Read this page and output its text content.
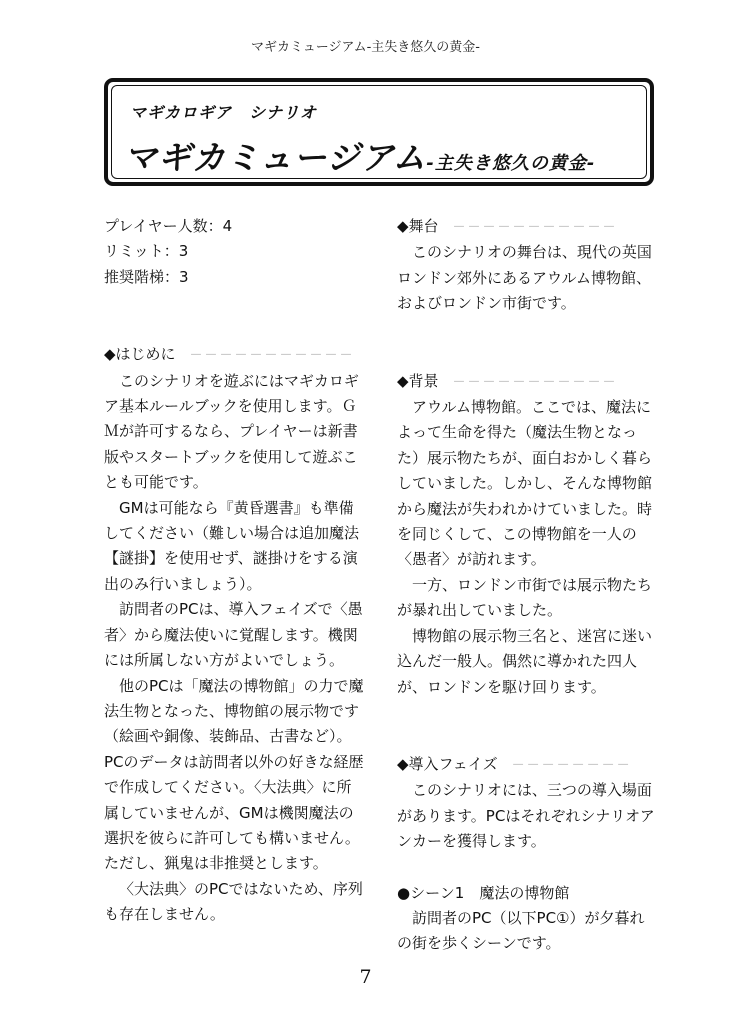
マギカミュージアム-主失き悠久の黄金-
マギカロギア　シナリオ
マギカミュージアム-主失き悠久の黄金-
プレイヤー人数：4
リミット：3
推奨階梯：3
◆はじめに －－－－－－－－－－－

このシナリオを遊ぶにはマギカロギア基本ルールブックを使用します。ＧＭが許可するなら、プレイヤーは新書版やスタートブックを使用して遊ぶことも可能です。

GMは可能なら『黄昏選書』も準備してください（難しい場合は追加魔法【謎掛】を使用せず、謎掛けをする演出のみ行いましょう）。

訪問者のPCは、導入フェイズで〈愚者〉から魔法使いに覚醒します。機関には所属しない方がよいでしょう。

他のPCは「魔法の博物館」の力で魔法生物となった、博物館の展示物です（絵画や銅像、装飾品、古書など）。PCのデータは訪問者以外の好きな経歴で作成してください。〈大法典〉に所属していませんが、GMは機関魔法の選択を彼らに許可しても構いません。ただし、猟鬼は非推奨とします。

〈大法典〉のPCではないため、序列も存在しません。

◆舞台 －－－－－－－－－－－

このシナリオの舞台は、現代の英国ロンドン郊外にあるアウルム博物館、およびロンドン市街です。

◆背景 －－－－－－－－－－－

アウルム博物館。ここでは、魔法によって生命を得た（魔法生物となった）展示物たちが、面白おかしく暮らしていました。しかし、そんな博物館から魔法が失われかけていました。時を同じくして、この博物館を一人の〈愚者〉が訪れます。

一方、ロンドン市街では展示物たちが暴れ出していました。

博物館の展示物三名と、迷宮に迷い込んだ一般人。偶然に導かれた四人が、ロンドンを駆け回ります。

◆導入フェイズ －－－－－－－－

このシナリオには、三つの導入場面があります。PCはそれぞれシナリオアンカーを獲得します。

●シーン1　魔法の博物館

訪問者のPC（以下PC①）が夕暮れの街を歩くシーンです。

7
